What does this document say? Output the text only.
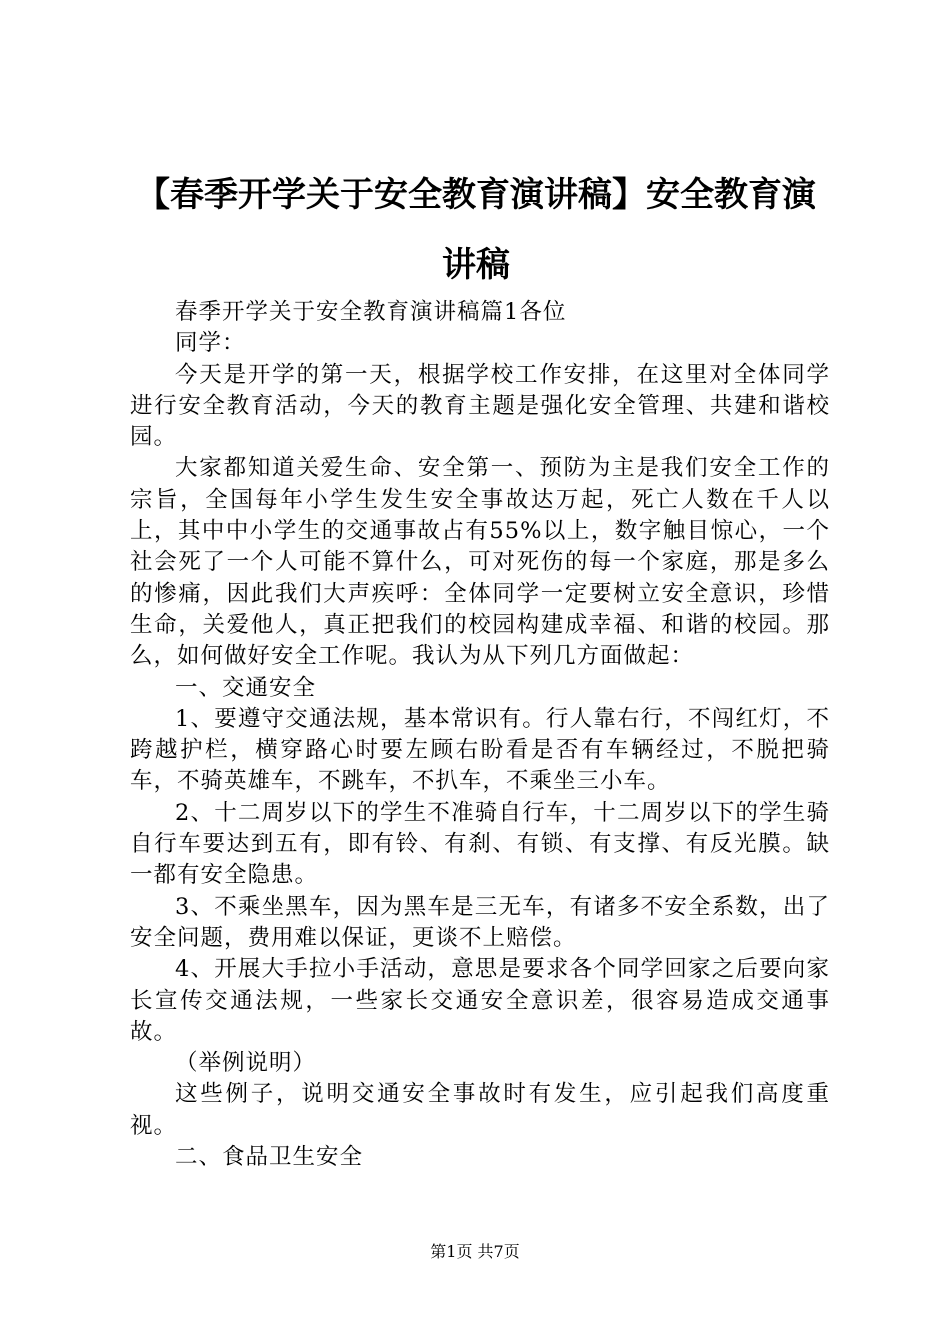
【春季开学关于安全教育演讲稿】安全教育演讲稿

春季开学关于安全教育演讲稿篇1各位

同学：

今天是开学的第一天，根据学校工作安排，在这里对全体同学进行安全教育活动，今天的教育主题是强化安全管理、共建和谐校园。

大家都知道关爱生命、安全第一、预防为主是我们安全工作的宗旨，全国每年小学生发生安全事故达万起，死亡人数在千人以上，其中中小学生的交通事故占有55%以上，数字触目惊心，一个社会死了一个人可能不算什么，可对死伤的每一个家庭，那是多么的惨痛，因此我们大声疾呼：全体同学一定要树立安全意识，珍惜生命，关爱他人，真正把我们的校园构建成幸福、和谐的校园。那么，如何做好安全工作呢。我认为从下列几方面做起：

一、交通安全

1、要遵守交通法规，基本常识有。行人靠右行，不闯红灯，不跨越护栏，横穿路心时要左顾右盼看是否有车辆经过，不脱把骑车，不骑英雄车，不跳车，不扒车，不乘坐三小车。

2、十二周岁以下的学生不准骑自行车，十二周岁以下的学生骑自行车要达到五有，即有铃、有刹、有锁、有支撑、有反光膜。缺一都有安全隐患。

3、不乘坐黑车，因为黑车是三无车，有诸多不安全系数，出了安全问题，费用难以保证，更谈不上赔偿。

4、开展大手拉小手活动，意思是要求各个同学回家之后要向家长宣传交通法规，一些家长交通安全意识差，很容易造成交通事故。

（举例说明）

这些例子，说明交通安全事故时有发生，应引起我们高度重视。

二、食品卫生安全

第1页 共7页
